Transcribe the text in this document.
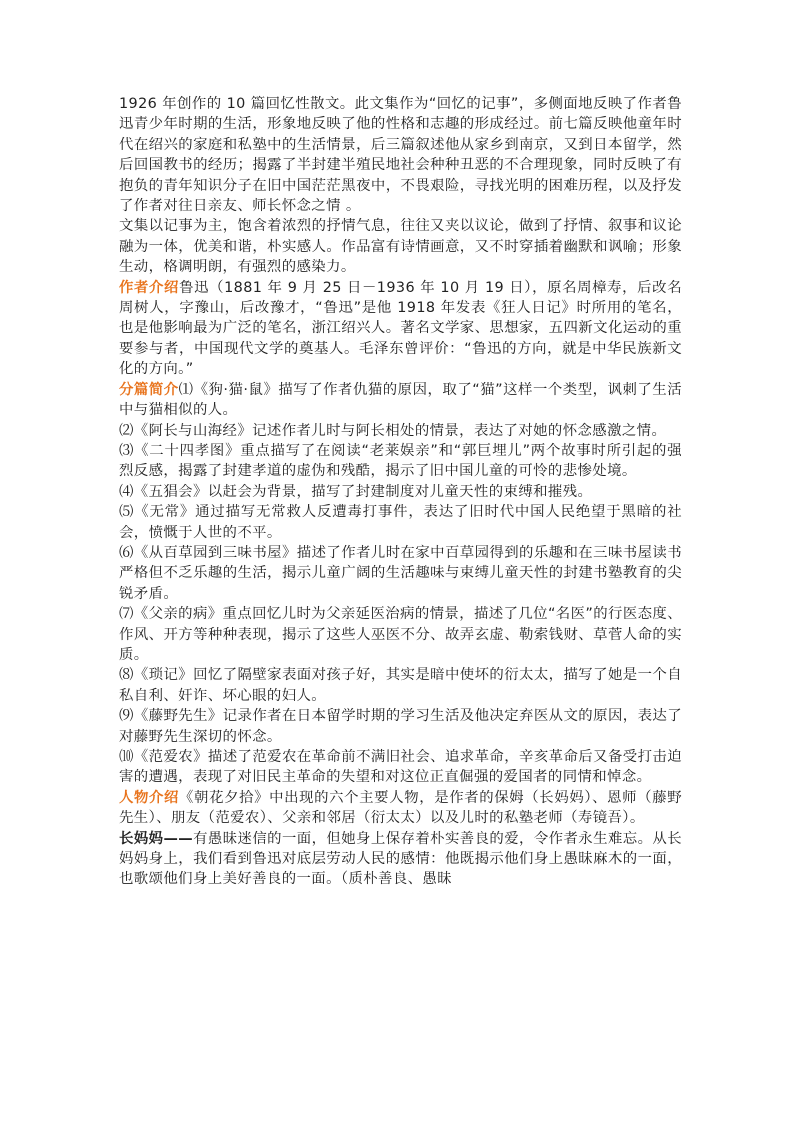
1926 年创作的 10 篇回忆性散文。此文集作为“回忆的记事”，多侧面地反映了作者鲁迅青少年时期的生活，形象地反映了他的性格和志趣的形成经过。前七篇反映他童年时代在绍兴的家庭和私塾中的生活情景，后三篇叙述他从家乡到南京，又到日本留学，然后回国教书的经历；揭露了半封建半殖民地社会种种丑恶的不合理现象，同时反映了有抱负的青年知识分子在旧中国茫茫黑夜中，不畏艰险，寻找光明的困难历程，以及抒发了作者对往日亲友、师长怀念之情 。

文集以记事为主，饱含着浓烈的抒情气息，往往又夹以议论，做到了抒情、叙事和议论融为一体，优美和谐，朴实感人。作品富有诗情画意，又不时穿插着幽默和讽喻；形象生动，格调明朗，有强烈的感染力。

作者介绍鲁迅（1881 年 9 月 25 日－1936 年 10 月 19 日），原名周樟寿，后改名周树人，字豫山，后改豫才，“鲁迅”是他 1918 年发表《狂人日记》时所用的笔名，也是他影响最为广泛的笔名，浙江绍兴人。著名文学家、思想家，五四新文化运动的重要参与者，中国现代文学的奠基人。毛泽东曾评价：“鲁迅的方向，就是中华民族新文化的方向。”

分篇简介⑴《狗·猫·鼠》描写了作者仇猫的原因，取了“猫”这样一个类型，讽刺了生活中与猫相似的人。

⑵《阿长与山海经》记述作者儿时与阿长相处的情景，表达了对她的怀念感激之情。

⑶《二十四孝图》重点描写了在阅读“老莱娱亲”和“郭巨埋儿”两个故事时所引起的强烈反感，揭露了封建孝道的虚伪和残酷，揭示了旧中国儿童的可怜的悲惨处境。

⑷《五猖会》以赶会为背景，描写了封建制度对儿童天性的束缚和摧残。

⑸《无常》通过描写无常救人反遭毒打事件，表达了旧时代中国人民绝望于黑暗的社会，愤慨于人世的不平。

⑹《从百草园到三味书屋》描述了作者儿时在家中百草园得到的乐趣和在三味书屋读书严格但不乏乐趣的生活，揭示儿童广阔的生活趣味与束缚儿童天性的封建书塾教育的尖锐矛盾。

⑺《父亲的病》重点回忆儿时为父亲延医治病的情景，描述了几位“名医”的行医态度、作风、开方等种种表现，揭示了这些人巫医不分、故弄玄虚、勒索钱财、草菅人命的实质。

⑻《琐记》回忆了隔壁家表面对孩子好，其实是暗中使坏的衍太太，描写了她是一个自私自利、奸诈、坏心眼的妇人。

⑼《藤野先生》记录作者在日本留学时期的学习生活及他决定弃医从文的原因，表达了对藤野先生深切的怀念。

⑽《范爱农》描述了范爱农在革命前不满旧社会、追求革命，辛亥革命后又备受打击迫害的遭遇，表现了对旧民主革命的失望和对这位正直倔强的爱国者的同情和悼念。

人物介绍《朝花夕拾》中出现的六个主要人物，是作者的保姆（长妈妈）、恩师（藤野先生）、朋友（范爱农）、父亲和邻居（衍太太）以及儿时的私塾老师（寿镜吾）。

长妈妈——有愚昧迷信的一面，但她身上保存着朴实善良的爱，令作者永生难忘。从长妈妈身上，我们看到鲁迅对底层劳动人民的感情：他既揭示他们身上愚昧麻木的一面，也歌颂他们身上美好善良的一面。（质朴善良、愚昧
